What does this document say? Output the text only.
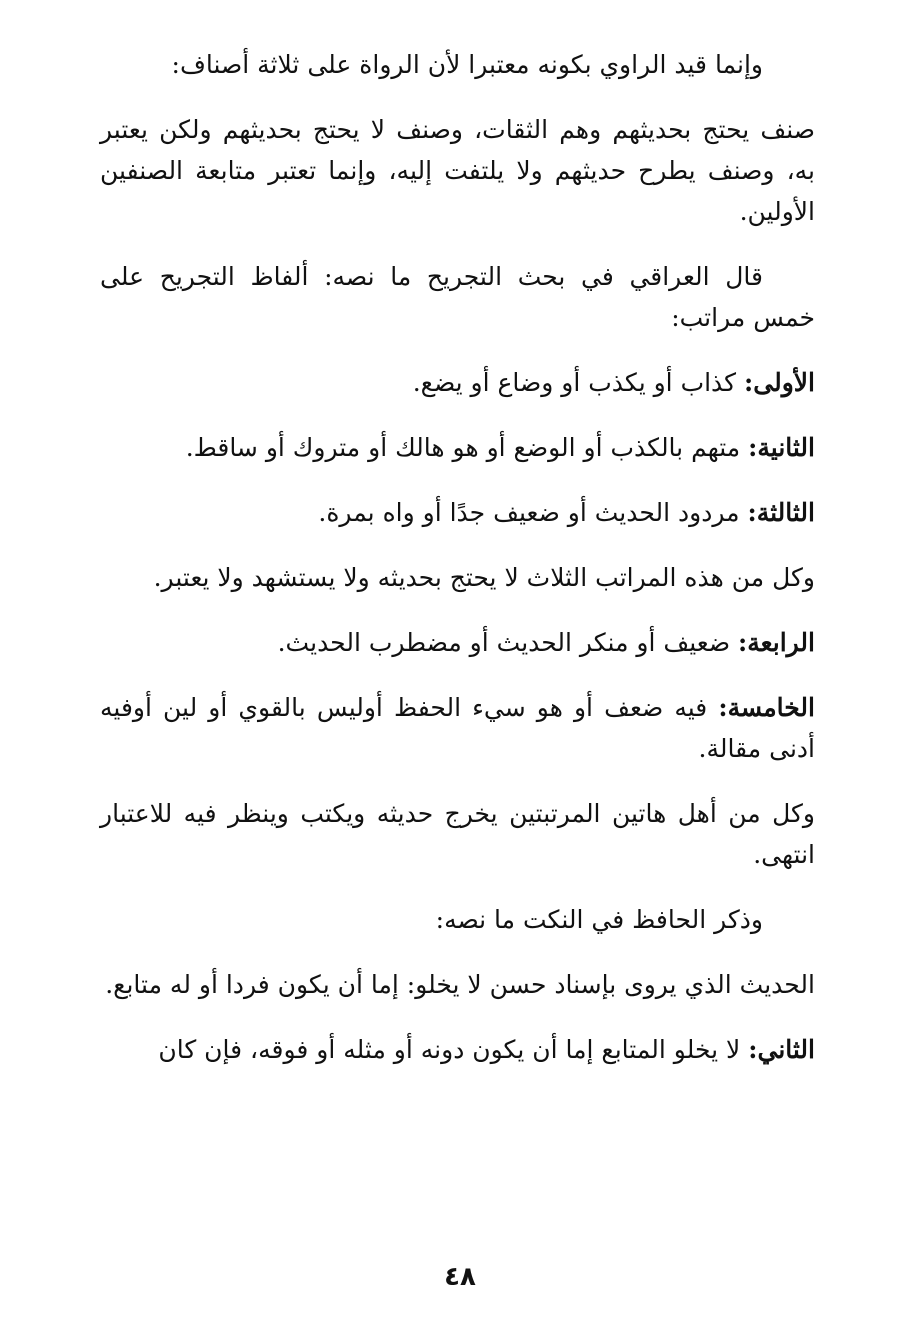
وإنما قيد الراوي بكونه معتبرا لأن الرواة على ثلاثة أصناف:

صنف يحتج بحديثهم وهم الثقات، وصنف لا يحتج بحديثهم ولكن يعتبر به، وصنف يطرح حديثهم ولا يلتفت إليه، وإنما تعتبر متابعة الصنفين الأولين.

قال العراقي في بحث التجريح ما نصه: ألفاظ التجريح على خمس مراتب:

الأولى: كذاب أو يكذب أو وضاع أو يضع.

الثانية: متهم بالكذب أو الوضع أو هو هالك أو متروك أو ساقط.

الثالثة: مردود الحديث أو ضعيف جدًا أو واه بمرة.

وكل من هذه المراتب الثلاث لا يحتج بحديثه ولا يستشهد ولا يعتبر.

الرابعة: ضعيف أو منكر الحديث أو مضطرب الحديث.

الخامسة: فيه ضعف أو هو سيء الحفظ أوليس بالقوي أو لين أوفيه أدنى مقالة.

وكل من أهل هاتين المرتبتين يخرج حديثه ويكتب وينظر فيه للاعتبار انتهى.

وذكر الحافظ في النكت ما نصه:

الحديث الذي يروى بإسناد حسن لا يخلو: إما أن يكون فردا أو له متابع.

الثاني: لا يخلو المتابع إما أن يكون دونه أو مثله أو فوقه، فإن كان

٤٨
